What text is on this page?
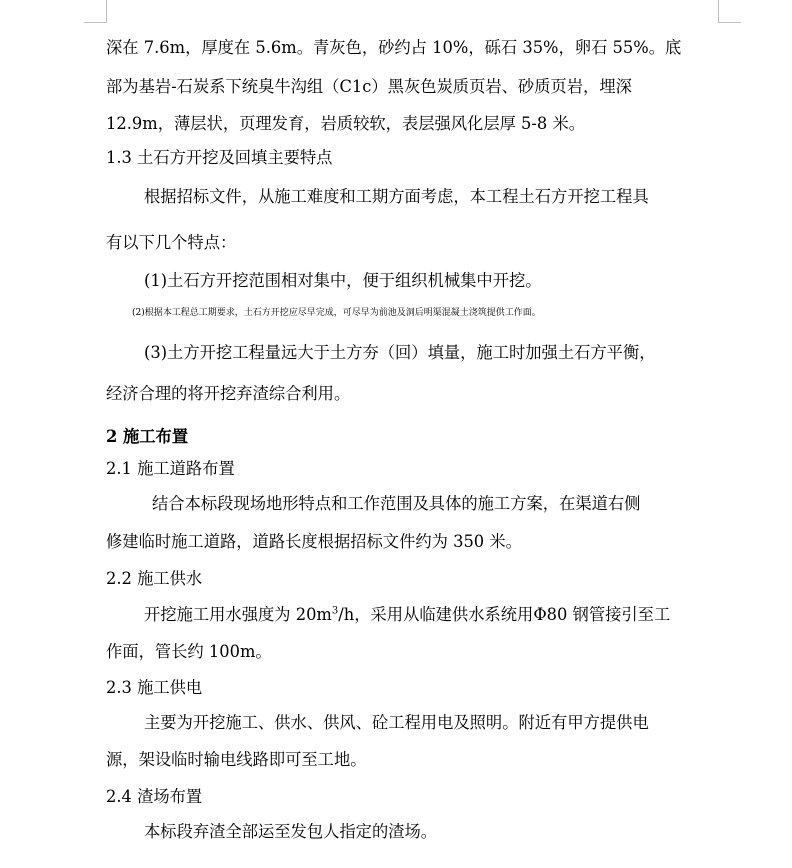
深在 7.6m，厚度在 5.6m。青灰色，砂约占 10%，砾石 35%，卵石 55%。底
部为基岩-石炭系下统臭牛沟组（C1c）黑灰色炭质页岩、砂质页岩，埋深
12.9m，薄层状，页理发育，岩质较软，表层强风化层厚 5-8 米。
1.3 土石方开挖及回填主要特点
根据招标文件，从施工难度和工期方面考虑，本工程土石方开挖工程具
有以下几个特点：
(1)土石方开挖范围相对集中，便于组织机械集中开挖。
(2)根据本工程总工期要求，土石方开挖应尽早完成，可尽早为前池及洞后明渠混凝土浇筑提供工作面。
(3)土方开挖工程量远大于土方夯（回）填量，施工时加强土石方平衡，
经济合理的将开挖弃渣综合利用。
2 施工布置
2.1 施工道路布置
结合本标段现场地形特点和工作范围及具体的施工方案，在渠道右侧
修建临时施工道路，道路长度根据招标文件约为 350 米。
2.2 施工供水
开挖施工用水强度为 $20m^3/h$，采用从临建供水系统用Φ80 钢管接引至工
作面，管长约 100m。
2.3 施工供电
主要为开挖施工、供水、供风、砼工程用电及照明。附近有甲方提供电
源，架设临时输电线路即可至工地。
2.4 渣场布置
本标段弃渣全部运至发包人指定的渣场。
